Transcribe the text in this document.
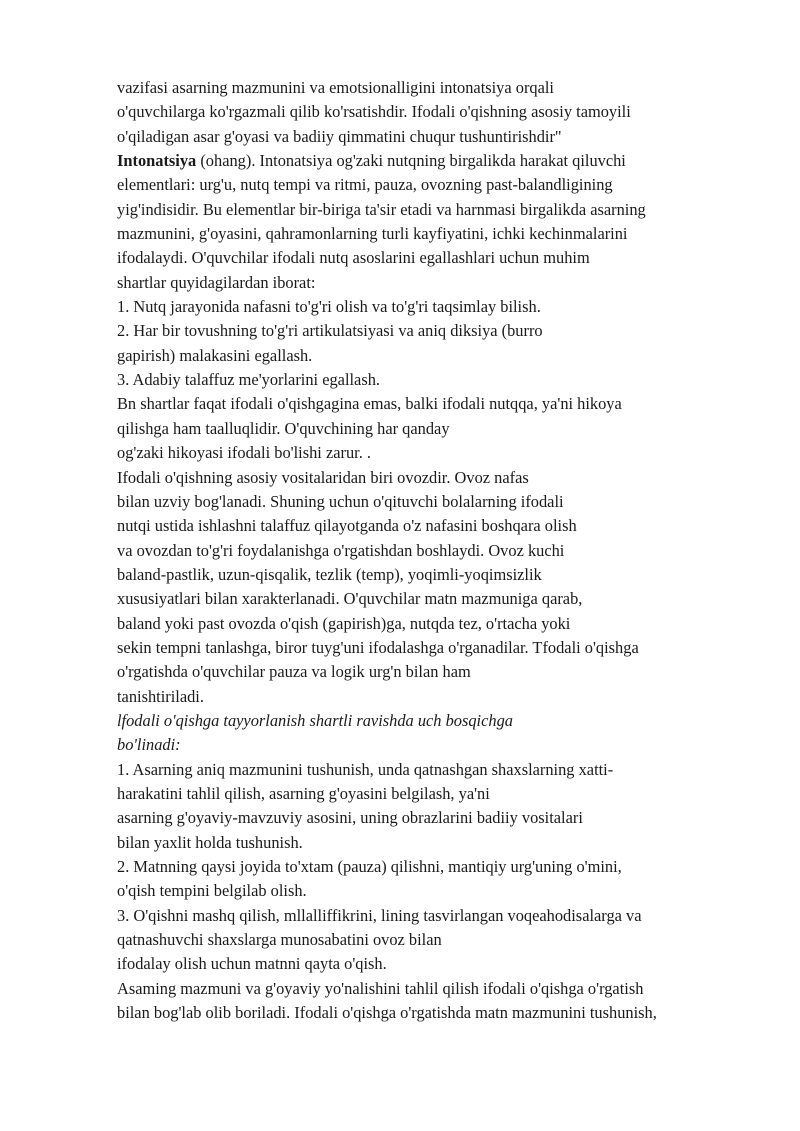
vazifasi asarning mazmunini va emotsionalligini intonatsiya orqali
o'quvchilarga ko'rgazmali qilib ko'rsatishdir. Ifodali o'qishning asosiy tamoyili
o'qiladigan asar g'oyasi va badiiy qimmatini chuqur tushuntirishdir"
Intonatsiya (ohang). Intonatsiya og'zaki nutqning birgalikda harakat qiluvchi
elementlari: urg'u, nutq tempi va ritmi, pauza, ovozning past-balandligining
yig'indisidir. Bu elementlar bir-biriga ta'sir etadi va harnmasi birgalikda asarning
mazmunini, g'oyasini, qahramonlarning turli kayfiyatini, ichki kechinmalarini
ifodalaydi. O'quvchilar ifodali nutq asoslarini egallashlari uchun muhim
shartlar quyidagilardan iborat:
1. Nutq jarayonida nafasni to'g'ri olish va to'g'ri taqsimlay bilish.
2. Har bir tovushning to'g'ri artikulatsiyasi va aniq diksiya (burro
gapirish) malakasini egallash.
3. Adabiy talaffuz me'yorlarini egallash.
Bn shartlar faqat ifodali o'qishgagina emas, balki ifodali nutqqa, ya'ni hikoya
qilishga ham taalluqlidir. O'quvchining har qanday
og'zaki hikoyasi ifodali bo'lishi zarur. .
Ifodali o'qishning asosiy vositalaridan biri ovozdir. Ovoz nafas
bilan uzviy bog'lanadi. Shuning uchun o'qituvchi bolalarning ifodali
nutqi ustida ishlashni talaffuz qilayotganda o'z nafasini boshqara olish
va ovozdan to'g'ri foydalanishga o'rgatishdan boshlaydi. Ovoz kuchi
baland-pastlik, uzun-qisqalik, tezlik (temp), yoqimli-yoqimsizlik
xususiyatlari bilan xarakterlanadi. O'quvchilar matn mazmuniga qarab,
baland yoki past ovozda o'qish (gapirish)ga, nutqda tez, o'rtacha yoki
sekin tempni tanlashga, biror tuyg'uni ifodalashga o'rganadilar. Tfodali o'qishga
o'rgatishda o'quvchilar pauza va logik urg'n bilan ham
tanishtiriladi.
lfodali o'qishga tayyorlanish shartli ravishda uch bosqichga
bo'linadi:
1. Asarning aniq mazmunini tushunish, unda qatnashgan shaxslarning xatti-
harakatini tahlil qilish, asarning g'oyasini belgilash, ya'ni
asarning g'oyaviy-mavzuviy asosini, uning obrazlarini badiiy vositalari
bilan yaxlit holda tushunish.
2. Matnning qaysi joyida to'xtam (pauza) qilishni, mantiqiy urg'uning o'mini,
o'qish tempini belgilab olish.
3. O'qishni mashq qilish, mllalliffikrini, lining tasvirlangan voqeahodisalarga va
qatnashuvchi shaxslarga munosabatini ovoz bilan
ifodalay olish uchun matnni qayta o'qish.
Asaming mazmuni va g'oyaviy yo'nalishini tahlil qilish ifodali o'qishga o'rgatish
bilan bog'lab olib boriladi. Ifodali o'qishga o'rgatishda matn mazmunini tushunish,
